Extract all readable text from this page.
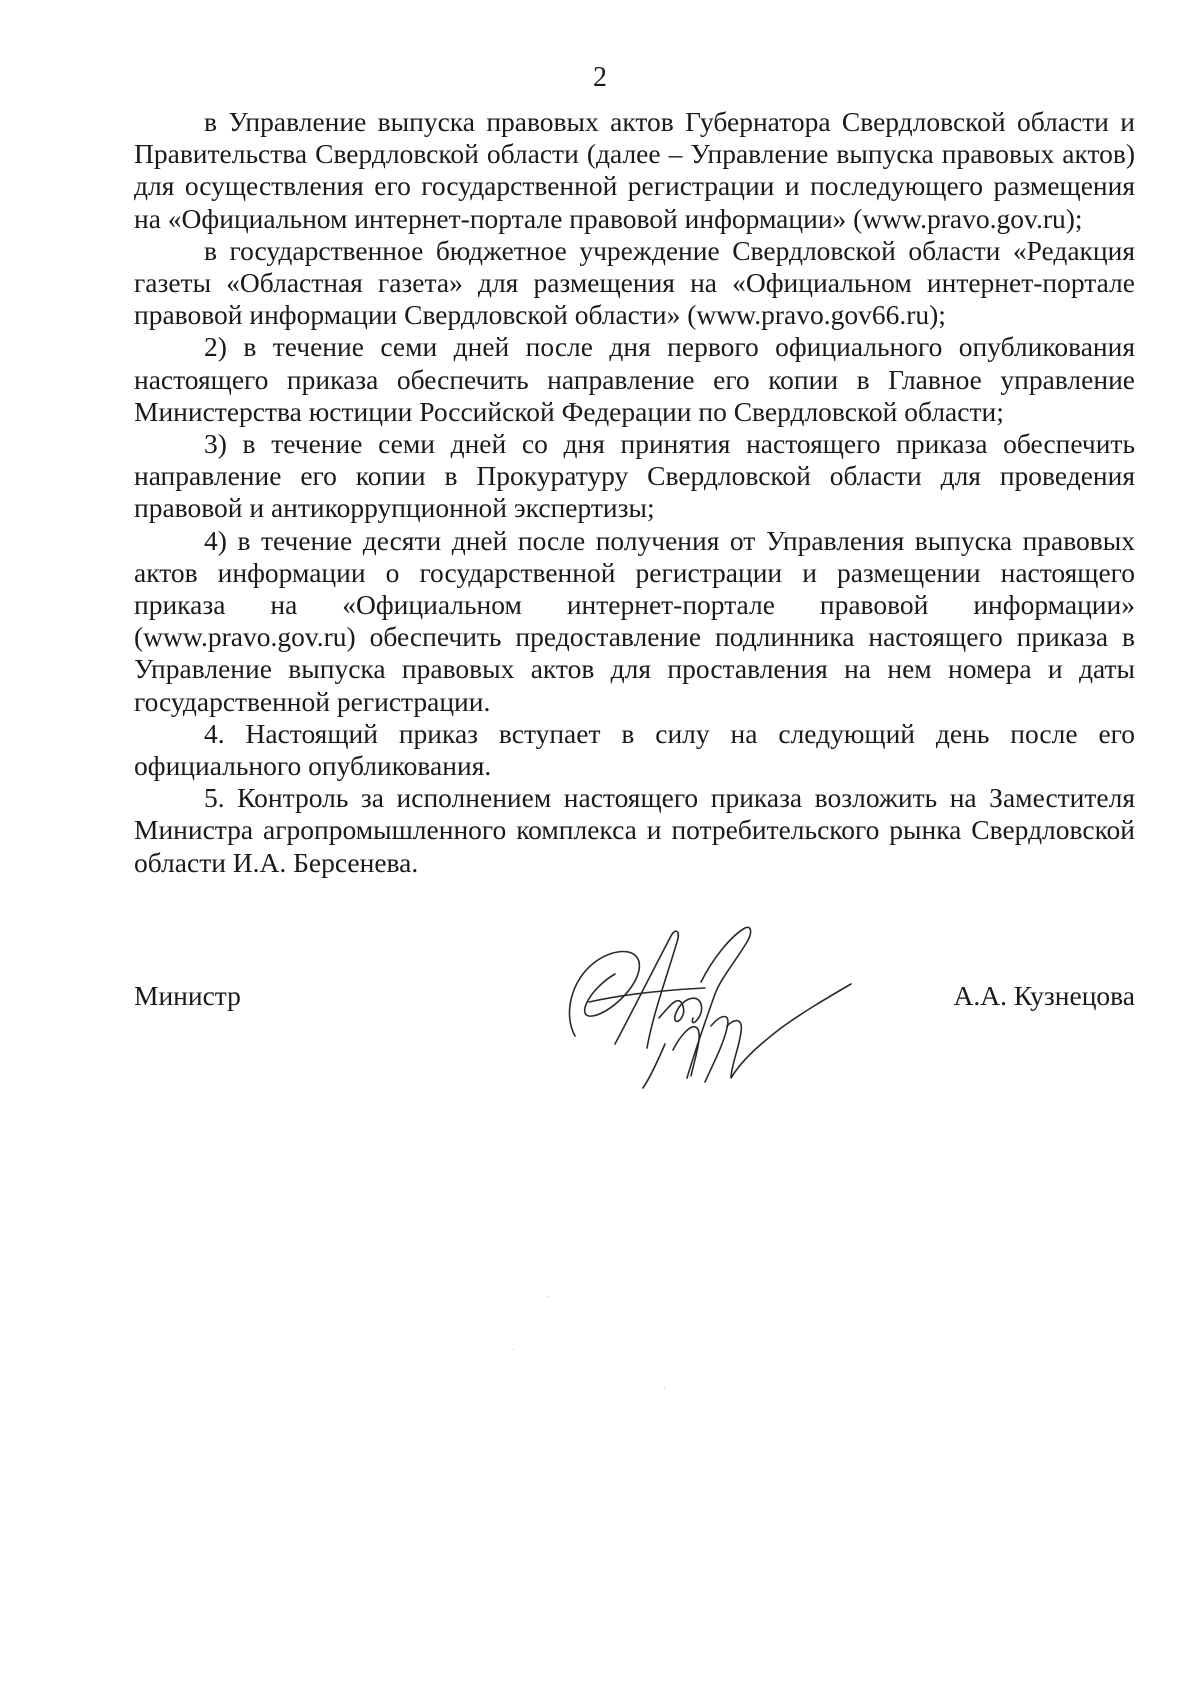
2

в Управление выпуска правовых актов Губернатора Свердловской области и Правительства Свердловской области (далее – Управление выпуска правовых актов) для осуществления его государственной регистрации и последующего размещения на «Официальном интернет-портале правовой информации» (www.pravo.gov.ru);

в государственное бюджетное учреждение Свердловской области «Редакция газеты «Областная газета» для размещения на «Официальном интернет-портале правовой информации Свердловской области» (www.pravo.gov66.ru);

2) в течение семи дней после дня первого официального опубликования настоящего приказа обеспечить направление его копии в Главное управление Министерства юстиции Российской Федерации по Свердловской области;

3) в течение семи дней со дня принятия настоящего приказа обеспечить направление его копии в Прокуратуру Свердловской области для проведения правовой и антикоррупционной экспертизы;

4) в течение десяти дней после получения от Управления выпуска правовых актов информации о государственной регистрации и размещении настоящего приказа на «Официальном интернет-портале правовой информации» (www.pravo.gov.ru) обеспечить предоставление подлинника настоящего приказа в Управление выпуска правовых актов для проставления на нем номера и даты государственной регистрации.

4. Настоящий приказ вступает в силу на следующий день после его официального опубликования.

5. Контроль за исполнением настоящего приказа возложить на Заместителя Министра агропромышленного комплекса и потребительского рынка Свердловской области И.А. Берсенева.

Министр	А.А. Кузнецова
